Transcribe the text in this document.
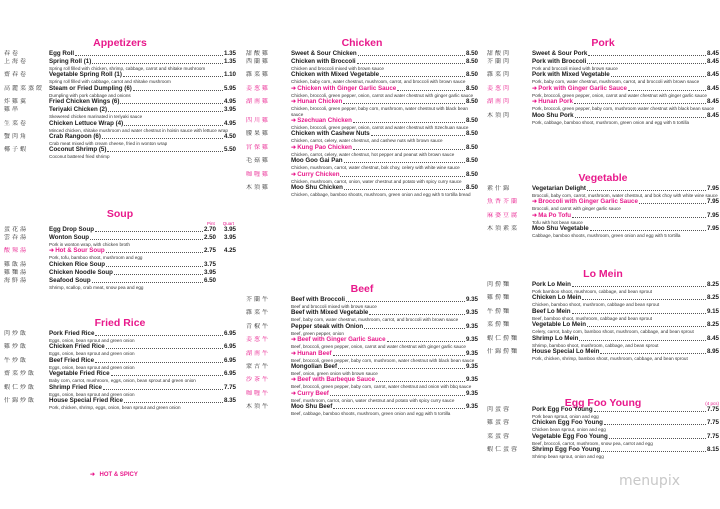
Appetizers
春卷	Egg Roll	1.35
上海卷	Spring Roll (1)	1.35
Spring roll filled with chicken, shrimp, cabbage, carrot and shitake mushroom
齋春卷	Vegetable Spring Roll (1)	1.10
Spring roll filled with cabbage, carrot and shitake mushroom
高麗菜蒸餃 Steam or Fried Dumpling (6)	5.95
Dumpling with pork cabbage and onions
炸雞翼	Fried Chicken Wings (6)	4.95
雞串	Teriyaki Chicken (2)	3.95
Skewered chicken marinated in teriyaki sauce
生菜卷	Chicken Lettuce Wrap (4)	4.95
Minced chicken, shitake mushroom and water chestnut in hoisin sauce with lettuce wrap
蟹肉角	Crab Rangoon (6)	4.50
Crab meat mixed with cream cheese, fried in wonton wrap
椰子蝦	Coconut Shrimp (5)	5.50
Coconut battered fried shrimp
Soup
Pint Quart
蛋花湯	Egg Drop Soup	2.70	3.95
雲吞湯	Wonton Soup	2.50	3.95
Pork in wonton wrap, with chicken broth
酸辣湯	➜ Hot & Sour Soup	2.75	4.25
Pork, tofu, bamboo shoot, mushroom and egg
雞飯湯	Chicken Rice Soup	3.75
雞麵湯	Chicken Noodle Soup	3.95
海鮮湯	Seafood Soup	6.50
Shrimp, scallop, crab meat, snow pea and egg
Fried Rice
肉炒飯	Pork Fried Rice	6.95
Eggs, onion, bean sprout and green onion
雞炒飯	Chicken Fried Rice	6.95
Eggs, onion, bean sprout and green onion
牛炒飯	Beef Fried Rice	6.95
Eggs, onion, bean sprout and green onion
齋菜炒飯	Vegetable Fried Rice	6.95
Baby corn, carrot, mushroom, eggs, onion, bean sprout and green onion
蝦仁炒飯	Shrimp Fried Rice	7.75
Eggs, onion, bean sprout and green onion
什錦炒飯	House Special Fried Rice	8.35
Pork, chicken, shrimp, eggs, onion, bean sprout and green onion
Chicken
甜酸雞	Sweet & Sour Chicken	8.50
西蘭雞	Chicken with Broccoli	8.50
Chicken and broccoli mixed with brown sauce
雜菜雞	Chicken with Mixed Vegetable	8.50
Chicken, baby corn, water chestnut, mushroom, carrot, and broccoli with brown sauce
姜葱雞	➜ Chicken with Ginger Garlic Sauce	8.50
Chicken, broccoli, green pepper, onion, carrot and water chestnut with ginger garlic sauce
湖南雞	➜ Hunan Chicken	8.50
Chicken, broccoli, green pepper, baby corn, mushroom, water chestnut with black bean sauce
四川雞	➜ Szechuan Chicken	8.50
Chicken, broccoli, green pepper, onion, carrot and water chestnut with Szechuan sauce
腰果雞	Chicken with Cashew Nuts	8.50
Chicken, carrot, celery, water chestnut, and cashew nuts with brown sauce
宮保雞	➜ Kung Pao Chicken	8.50
Chicken, carrot, celery, water chestnut, hot pepper and peanut with brown sauce
毛菇雞	Moo Goo Gai Pan	8.50
Chicken, mushroom, carrot, water chestnut, bok choy, celery with white wine sauce
咖喱雞	➜ Curry Chicken	8.50
Chicken, mushroom, carrot, onion, water chestnut and potato with spicy curry sauce
木須雞	Moo Shu Chicken	8.50
Chicken, cabbage, bamboo shoots, mushroom, green onion and egg with 5 tortilla bread
Beef
芥蘭牛	Beef with Broccoli	9.35
Beef and broccoli mixed with brown sauce
雜菜牛	Beef with Mixed Vegetable	9.35
Beef, baby corn, water chestnut, mushroom, carrot, and broccoli with brown sauce
青椒牛	Pepper steak with Onion	9.35
Beef, green pepper, onion
姜葱牛	➜ Beef with Ginger Garlic Sauce	9.35
Beef, broccoli, green pepper, onion, carrot and water chestnut with ginger garlic sauce
湖南牛	➜ Hunan Beef	9.35
Beef, broccoli, green pepper, baby corn, mushroom, water chestnut with black bean sauce
蒙古牛	Mongolian Beef	9.35
Beef, onion, green onion with brown sauce
沙茶牛	➜ Beef with Barbeque Sauce	9.35
Beef, broccoli, green pepper, baby corn, carrot, water chestnut and onion with bbq sauce
咖喱牛	➜ Curry Beef	9.35
Beef, mushroom, carrot, onion, water chestnut and potato with spicy curry sauce
木須牛	Moo Shu Beef	9.35
Beef, cabbage, bamboo shoots, mushroom, green onion and egg with 5 tortilla
Pork
甜酸肉	Sweet & Sour Pork	8.45
芥蘭肉	Pork with Broccoli	8.45
Pork and broccoli mixed with brown sauce
雜菜肉	Pork with Mixed Vegetable	8.45
Pork, baby corn, water chestnut, mushroom, carrot, and broccoli with brown sauce
姜葱肉	➜ Pork with Ginger Garlic Sauce	8.45
Pork, broccoli, green pepper, onion, carrot and water chestnut with ginger garlic sauce
湖南肉	➜ Hunan Pork	8.45
Pork, broccoli, green pepper, baby corn, mushroom water chestnut with black bean sauce
木須肉	Moo Shu Pork	8.45
Pork, cabbage, bamboo shoot, mushroom, green onion and egg with 5 tortilla
Vegetable
素什錦	Vegetarian Delight	7.95
Broccoli, baby corn, carrot, mushroom, water chestnut, and bok choy with white wine sauce
魚香芥蘭	➜ Broccoli with Ginger Garlic Sauce	7.95
Broccoli, and carrot with ginger garlic sauce
麻婆豆腐	➜ Ma Po Tofu	7.95
Tofu with hot bean sauce
木須素菜	Moo Shu Vegetable	7.95
Cabbage, bamboo shoots, mushroom, green onion and egg with 5 tortilla
Lo Mein
肉撈麵	Pork Lo Mein	8.25
Pork bamboo shoot, mushroom, cabbage, and bean sprout
雞撈麵	Chicken Lo Mein	8.25
Chicken, bamboo shoot, mushroom, cabbage and bean sprout
牛撈麵	Beef Lo Mein	9.15
Beef, bamboo shoot, mushroom, cabbage and bean sprout
菜撈麵	Vegetable Lo Mein	8.25
Celery, carrot, baby corn, bamboo shoot, mushroom, cabbage, and bean sprout
蝦仁撈麵	Shrimp Lo Mein	8.45
Shrimp, bamboo shoot, mushroom, cabbage, and bean sprout
什錦撈麵	House Special Lo Mein	8.95
Pork, chicken, shrimp, bamboo shoot, mushroom, cabbage, and bean sprout
Egg Foo Young	(4 pcs)
肉蛋蓉	Pork Egg Foo Young	7.75
Pork bean sprout, onion and egg
雞蛋蓉	Chicken Egg Foo Young	7.75
Chicken bean sprout, onion and egg
菜蛋蓉	Vegetable Egg Foo Young	7.75
Beef, broccoli, carrot, mushroom, snow pea, carrot and egg
蝦仁蛋蓉	Shrimp Egg Foo Young	8.15
Shrimp bean sprout, onion and egg
➜ HOT & SPICY	menupix
